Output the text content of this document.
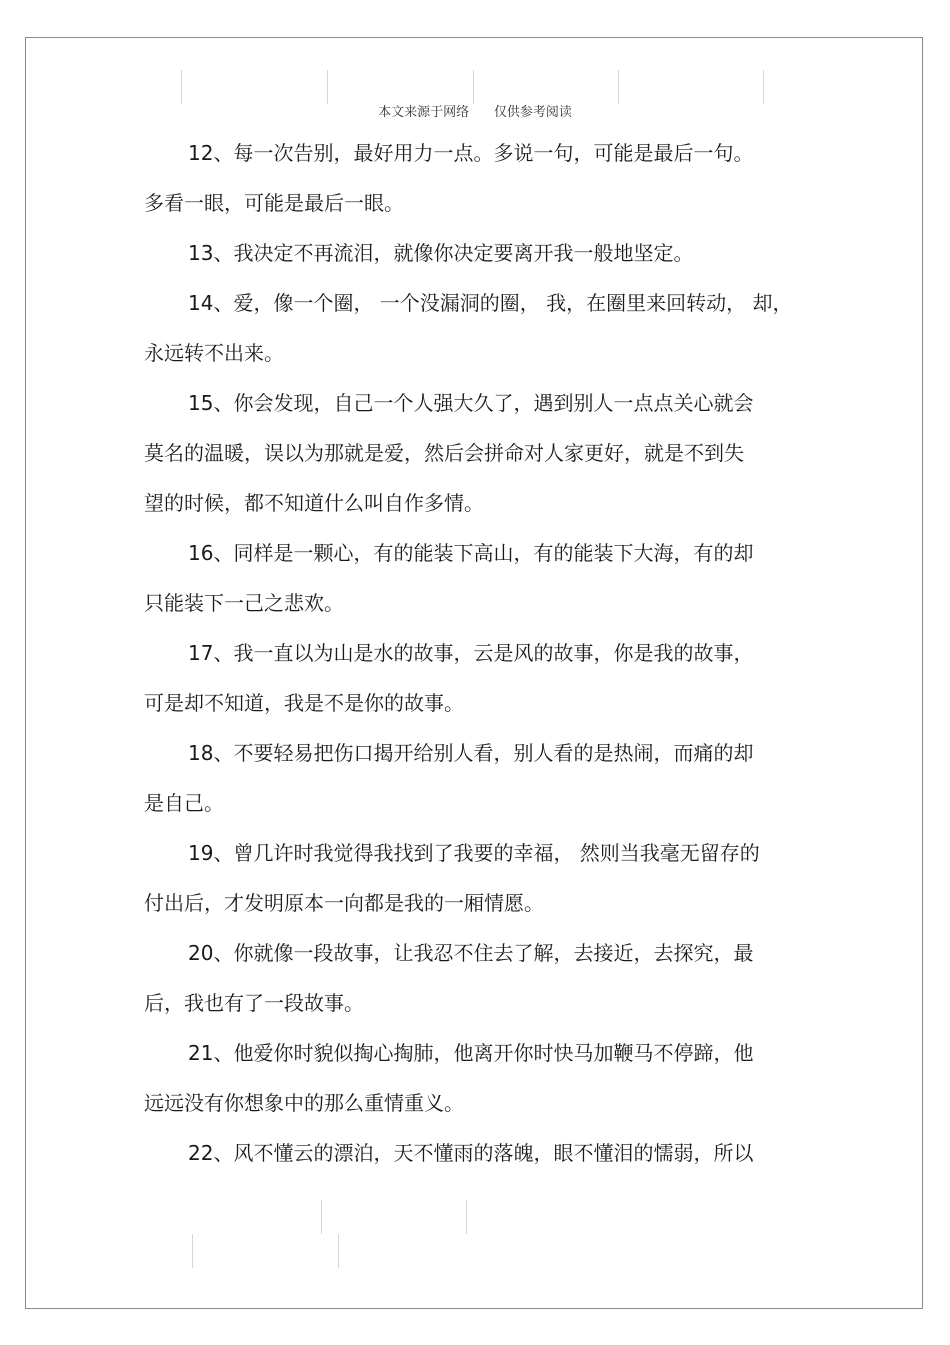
本文来源于网络      仅供参考阅读
12、每一次告别，最好用力一点。多说一句，可能是最后一句。
多看一眼，可能是最后一眼。
13、我决定不再流泪，就像你决定要离开我一般地坚定。
14、爱，像一个圈， 一个没漏洞的圈， 我，在圈里来回转动， 却，
永远转不出来。
15、你会发现，自己一个人强大久了，遇到别人一点点关心就会
莫名的温暖，误以为那就是爱，然后会拼命对人家更好，就是不到失
望的时候，都不知道什么叫自作多情。
16、同样是一颗心，有的能装下高山，有的能装下大海，有的却
只能装下一己之悲欢。
17、我一直以为山是水的故事，云是风的故事，你是我的故事，
可是却不知道，我是不是你的故事。
18、不要轻易把伤口揭开给别人看，别人看的是热闹，而痛的却
是自己。
19、曾几许时我觉得我找到了我要的幸福， 然则当我毫无留存的
付出后，才发明原本一向都是我的一厢情愿。
20、你就像一段故事，让我忍不住去了解，去接近，去探究，最
后，我也有了一段故事。
21、他爱你时貌似掏心掏肺，他离开你时快马加鞭马不停蹄，他
远远没有你想象中的那么重情重义。
22、风不懂云的漂泊，天不懂雨的落魄，眼不懂泪的懦弱，所以
